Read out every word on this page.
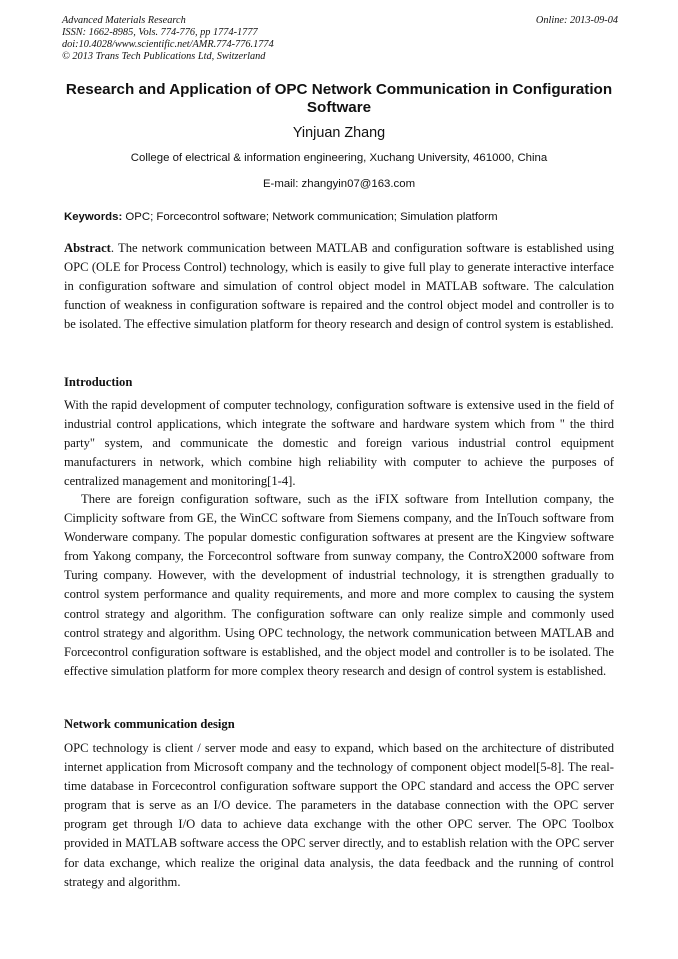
Advanced Materials Research
ISSN: 1662-8985, Vols. 774-776, pp 1774-1777
doi:10.4028/www.scientific.net/AMR.774-776.1774
© 2013 Trans Tech Publications Ltd, Switzerland
Online: 2013-09-04
Research and Application of OPC Network Communication in Configuration Software
Yinjuan Zhang
College of electrical & information engineering, Xuchang University, 461000, China
E-mail: zhangyin07@163.com
Keywords: OPC; Forcecontrol software; Network communication; Simulation platform
Abstract. The network communication between MATLAB and configuration software is established using OPC (OLE for Process Control) technology, which is easily to give full play to generate interactive interface in configuration software and simulation of control object model in MATLAB software. The calculation function of weakness in configuration software is repaired and the control object model and controller is to be isolated. The effective simulation platform for theory research and design of control system is established.
Introduction
With the rapid development of computer technology, configuration software is extensive used in the field of industrial control applications, which integrate the software and hardware system which from " the third party" system, and communicate the domestic and foreign various industrial control equipment manufacturers in network, which combine high reliability with computer to achieve the purposes of centralized management and monitoring[1-4].
There are foreign configuration software, such as the iFIX software from Intellution company, the Cimplicity software from GE, the WinCC software from Siemens company, and the InTouch software from Wonderware company. The popular domestic configuration softwares at present are the Kingview software from Yakong company, the Forcecontrol software from sunway company, the ControX2000 software from Turing company. However, with the development of industrial technology, it is strengthen gradually to control system performance and quality requirements, and more and more complex to causing the system control strategy and algorithm. The configuration software can only realize simple and commonly used control strategy and algorithm. Using OPC technology, the network communication between MATLAB and Forcecontrol configuration software is established, and the object model and controller is to be isolated. The effective simulation platform for more complex theory research and design of control system is established.
Network communication design
OPC technology is client / server mode and easy to expand, which based on the architecture of distributed internet application from Microsoft company and the technology of component object model[5-8]. The real-time database in Forcecontrol configuration software support the OPC standard and access the OPC server program that is serve as an I/O device. The parameters in the database connection with the OPC server program get through I/O data to achieve data exchange with the other OPC server. The OPC Toolbox provided in MATLAB software access the OPC server directly, and to establish relation with the OPC server for data exchange, which realize the original data analysis, the data feedback and the running of control strategy and algorithm.
